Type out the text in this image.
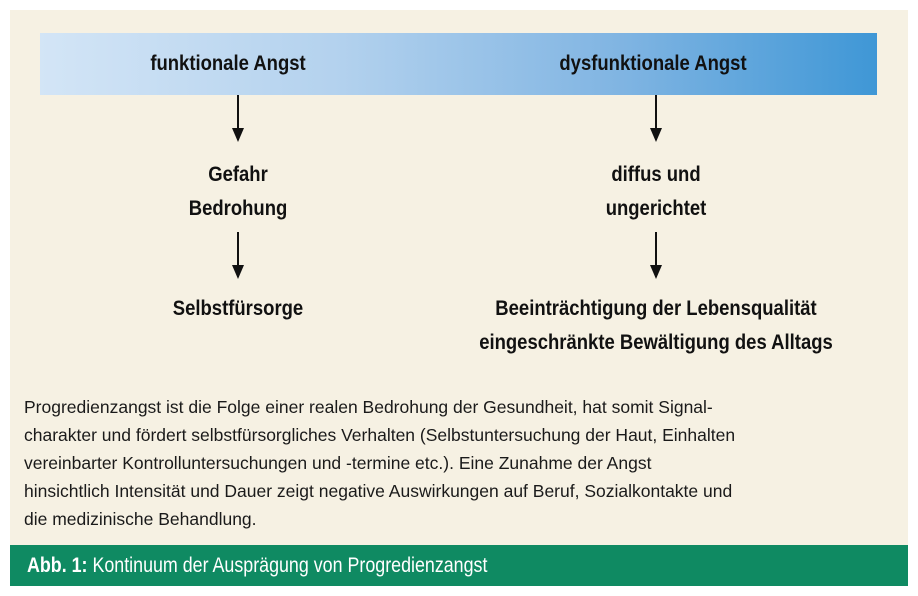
funktionale Angst	dysfunktionale Angst
Gefahr
Bedrohung
diffus und
ungerichtet
Selbstfürsorge	Beeinträchtigung der Lebensqualität
eingeschränkte Bewältigung des Alltags
Progredienzangst ist die Folge einer realen Bedrohung der Gesundheit, hat somit Signal-
charakter und fördert selbstfürsorgliches Verhalten (Selbstuntersuchung der Haut, Einhalten
vereinbarter Kontrolluntersuchungen und -termine etc.). Eine Zunahme der Angst
hinsichtlich Intensität und Dauer zeigt negative Auswirkungen auf Beruf, Sozialkontakte und
die medizinische Behandlung.
Abb. 1: Kontinuum der Ausprägung von Progredienzangst
